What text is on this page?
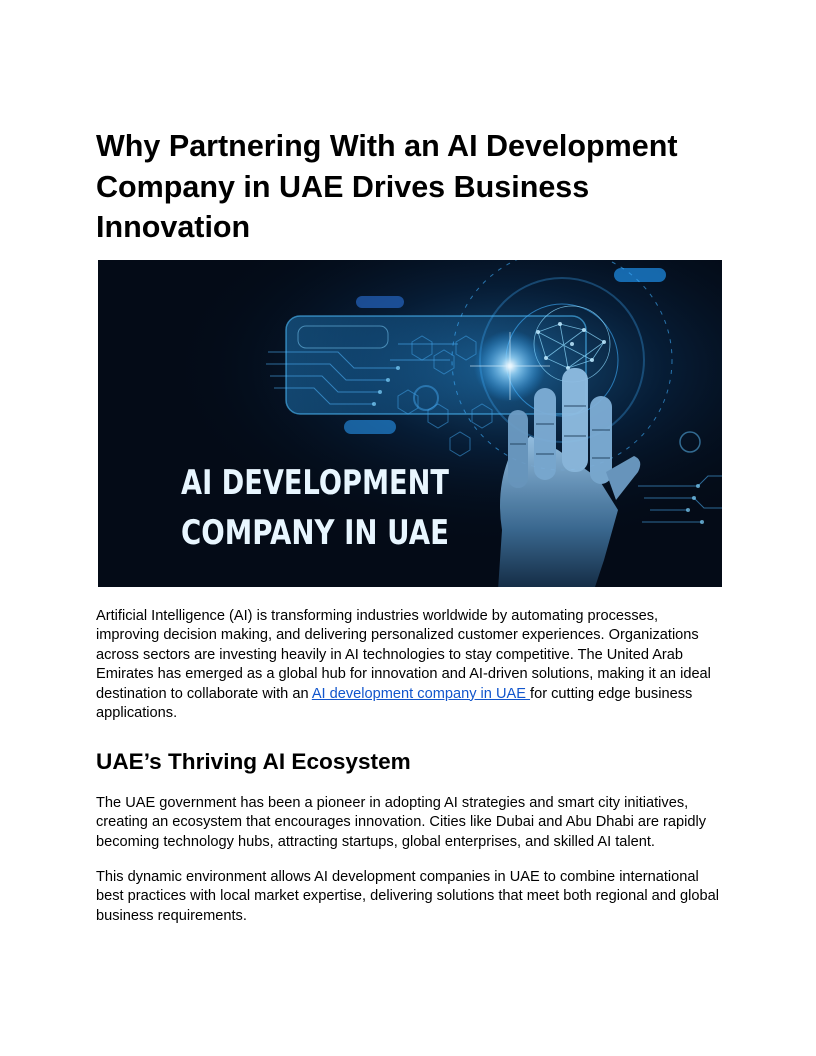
Why Partnering With an AI Development Company in UAE Drives Business Innovation
AI DEVELOPMENT
COMPANY IN UAE

Artificial Intelligence (AI) is transforming industries worldwide by automating processes, improving decision making, and delivering personalized customer experiences. Organizations across sectors are investing heavily in AI technologies to stay competitive. The United Arab Emirates has emerged as a global hub for innovation and AI-driven solutions, making it an ideal destination to collaborate with an AI development company in UAE for cutting edge business applications.

UAE’s Thriving AI Ecosystem

The UAE government has been a pioneer in adopting AI strategies and smart city initiatives, creating an ecosystem that encourages innovation. Cities like Dubai and Abu Dhabi are rapidly becoming technology hubs, attracting startups, global enterprises, and skilled AI talent.

This dynamic environment allows AI development companies in UAE to combine international best practices with local market expertise, delivering solutions that meet both regional and global business requirements.
